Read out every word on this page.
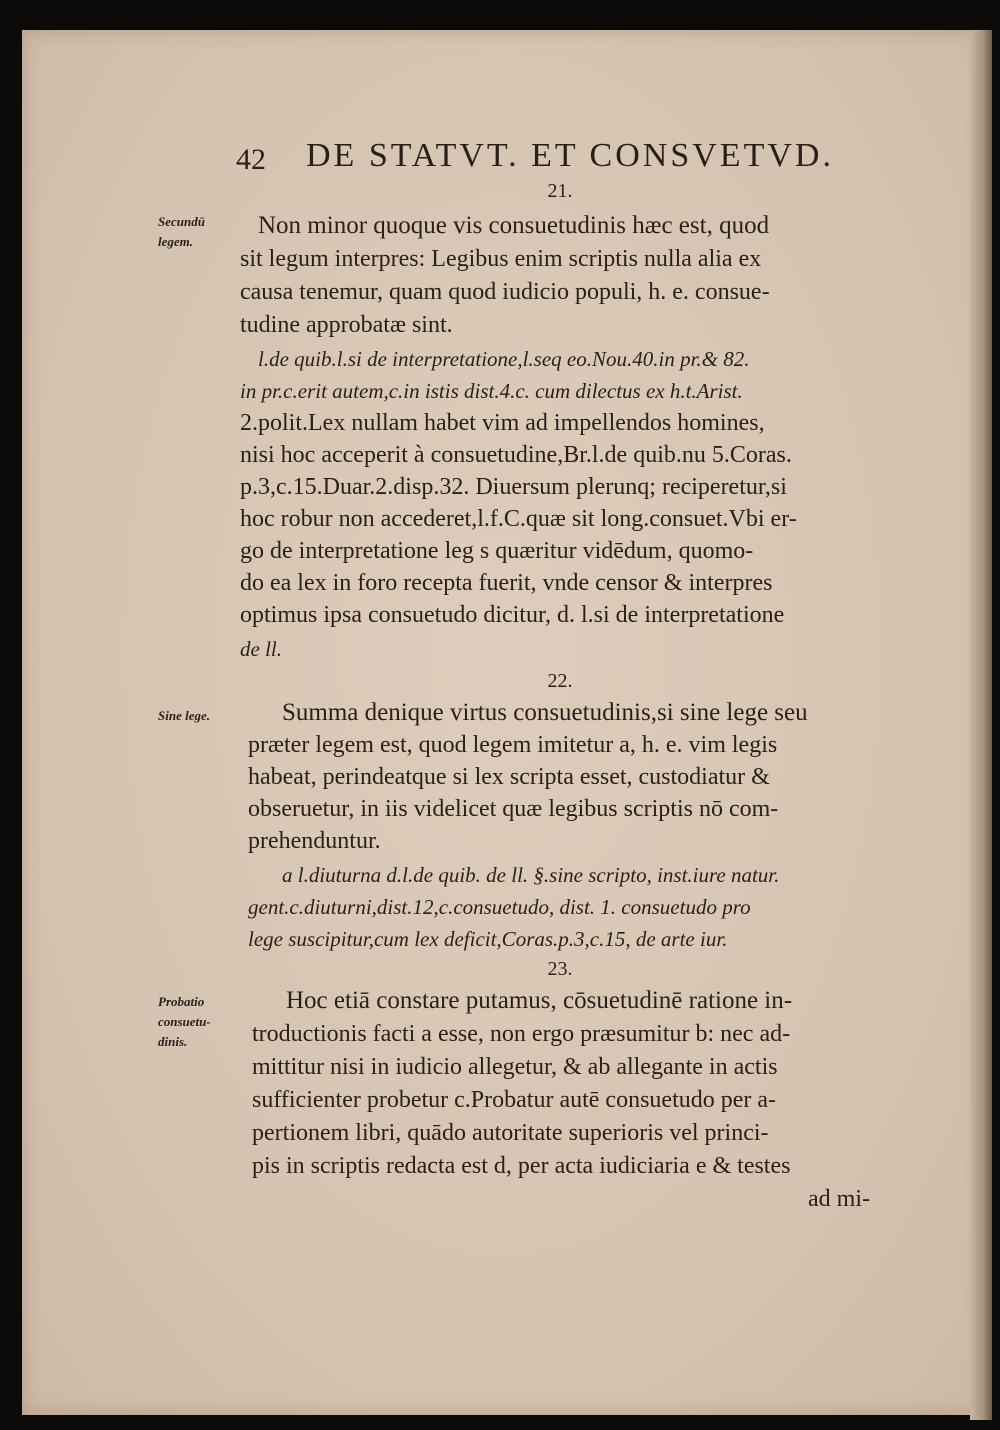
42 DE STATVT. ET CONSVETVD.
21.
Secundū
legem.
Non minor quoque vis consuetudinis hæc est, quod
sit legum interpres: Legibus enim scriptis nulla alia ex
causa tenemur, quam quod iudicio populi, h. e. consue-
tudine approbatæ sint.
l.de quib.l.si de interpretatione,l.seq eo.Nou.40.in pr.& 82.
in pr.c.erit autem,c.in istis dist.4.c. cum dilectus ex h.t.Arist.
2.polit.Lex nullam habet vim ad impellendos homines,
nisi hoc acceperit à consuetudine,Br.l.de quib.nu 5.Coras.
p.3,c.15.Duar.2.disp.32. Diuersum plerunq; reciperetur,si
hoc robur non accederet,l.f.C.quæ sit long.consuet.Vbi er-
go de interpretatione leg s quæritur vidēdum, quomo-
do ea lex in foro recepta fuerit, vnde censor & interpres
optimus ipsa consuetudo dicitur, d. l.si de interpretatione
de ll.
22.
Sine lege.	Summa denique virtus consuetudinis,si sine lege seu
præter legem est, quod legem imitetur a, h. e. vim legis
habeat, perindeatque si lex scripta esset, custodiatur &
obseruetur, in iis videlicet quæ legibus scriptis nō com-
prehenduntur.
a l.diuturna d.l.de quib. de ll. §.sine scripto, inst.iure natur.
gent.c.diuturni,dist.12,c.consuetudo, dist. 1. consuetudo pro
lege suscipitur,cum lex deficit,Coras.p.3,c.15, de arte iur.
23.
Probatio
consuetu-
dinis.
Hoc etiā constare putamus, cōsuetudinē ratione in-
troductionis facti a esse, non ergo præsumitur b: nec ad-
mittitur nisi in iudicio allegetur, & ab allegante in actis
sufficienter probetur c.Probatur autē consuetudo per a-
pertionem libri, quādo autoritate superioris vel princi-
pis in scriptis redacta est d, per acta iudiciaria e & testes
ad mi-
